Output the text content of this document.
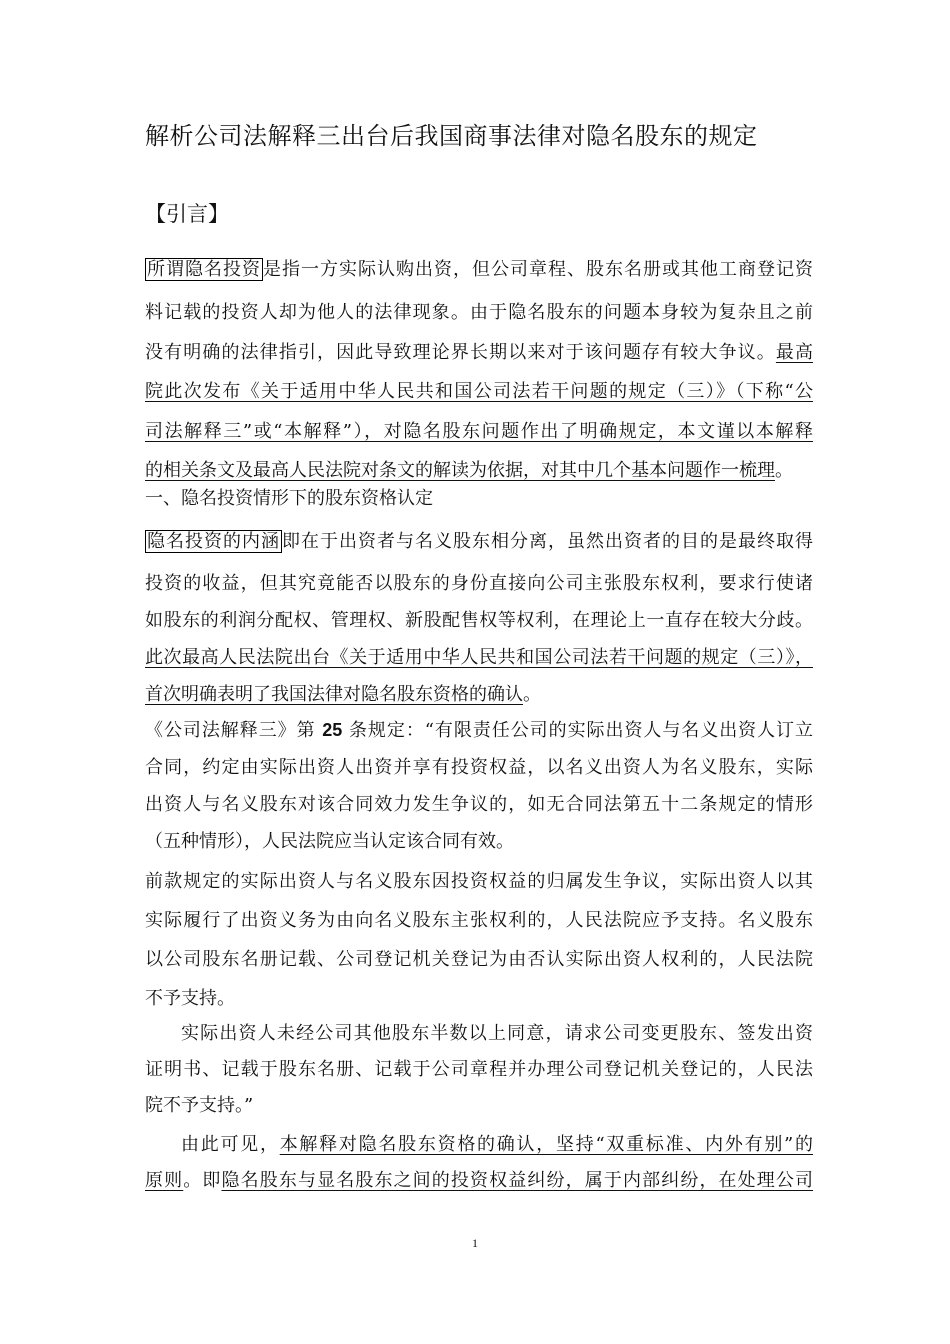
解析公司法解释三出台后我国商事法律对隐名股东的规定
【引言】
所谓隐名投资 是指一方实际认购出资，但公司章程、股东名册或其他工商登记资
料记载的投资人却为他人的法律现象。由于隐名股东的问题本身较为复杂且之前
没有明确的法律指引，因此导致理论界长期以来对于该问题存有较大争议。最高
院此次发布《关于适用中华人民共和国公司法若干问题的规定（三）》（下称“公
司法解释三”或“本解释”），对隐名股东问题作出了明确规定，本文谨以本解释
的相关条文及最高人民法院对条文的解读为依据，对其中几个基本问题作一梳理。
一、隐名投资情形下的股东资格认定
隐名投资的内涵 即在于出资者与名义股东相分离，虽然出资者的目的是最终取得
投资的收益，但其究竟能否以股东的身份直接向公司主张股东权利，要求行使诸
如股东的利润分配权、管理权、新股配售权等权利，在理论上一直存在较大分歧。
此次最高人民法院出台《关于适用中华人民共和国公司法若干问题的规定（三）》，
首次明确表明了我国法律对隐名股东资格的确认。
《公司法解释三》第 25 条规定：“有限责任公司的实际出资人与名义出资人订立
合同，约定由实际出资人出资并享有投资权益，以名义出资人为名义股东，实际
出资人与名义股东对该合同效力发生争议的，如无合同法第五十二条规定的情形
（五种情形），人民法院应当认定该合同有效。
前款规定的实际出资人与名义股东因投资权益的归属发生争议，实际出资人以其
实际履行了出资义务为由向名义股东主张权利的，人民法院应予支持。名义股东
以公司股东名册记载、公司登记机关登记为由否认实际出资人权利的，人民法院
不予支持。
实际出资人未经公司其他股东半数以上同意，请求公司变更股东、签发出资
证明书、记载于股东名册、记载于公司章程并办理公司登记机关登记的，人民法
院不予支持。”
由此可见，本解释对隐名股东资格的确认，坚持“双重标准、内外有别”的
原则。即隐名股东与显名股东之间的投资权益纠纷，属于内部纠纷，在处理公司
1
